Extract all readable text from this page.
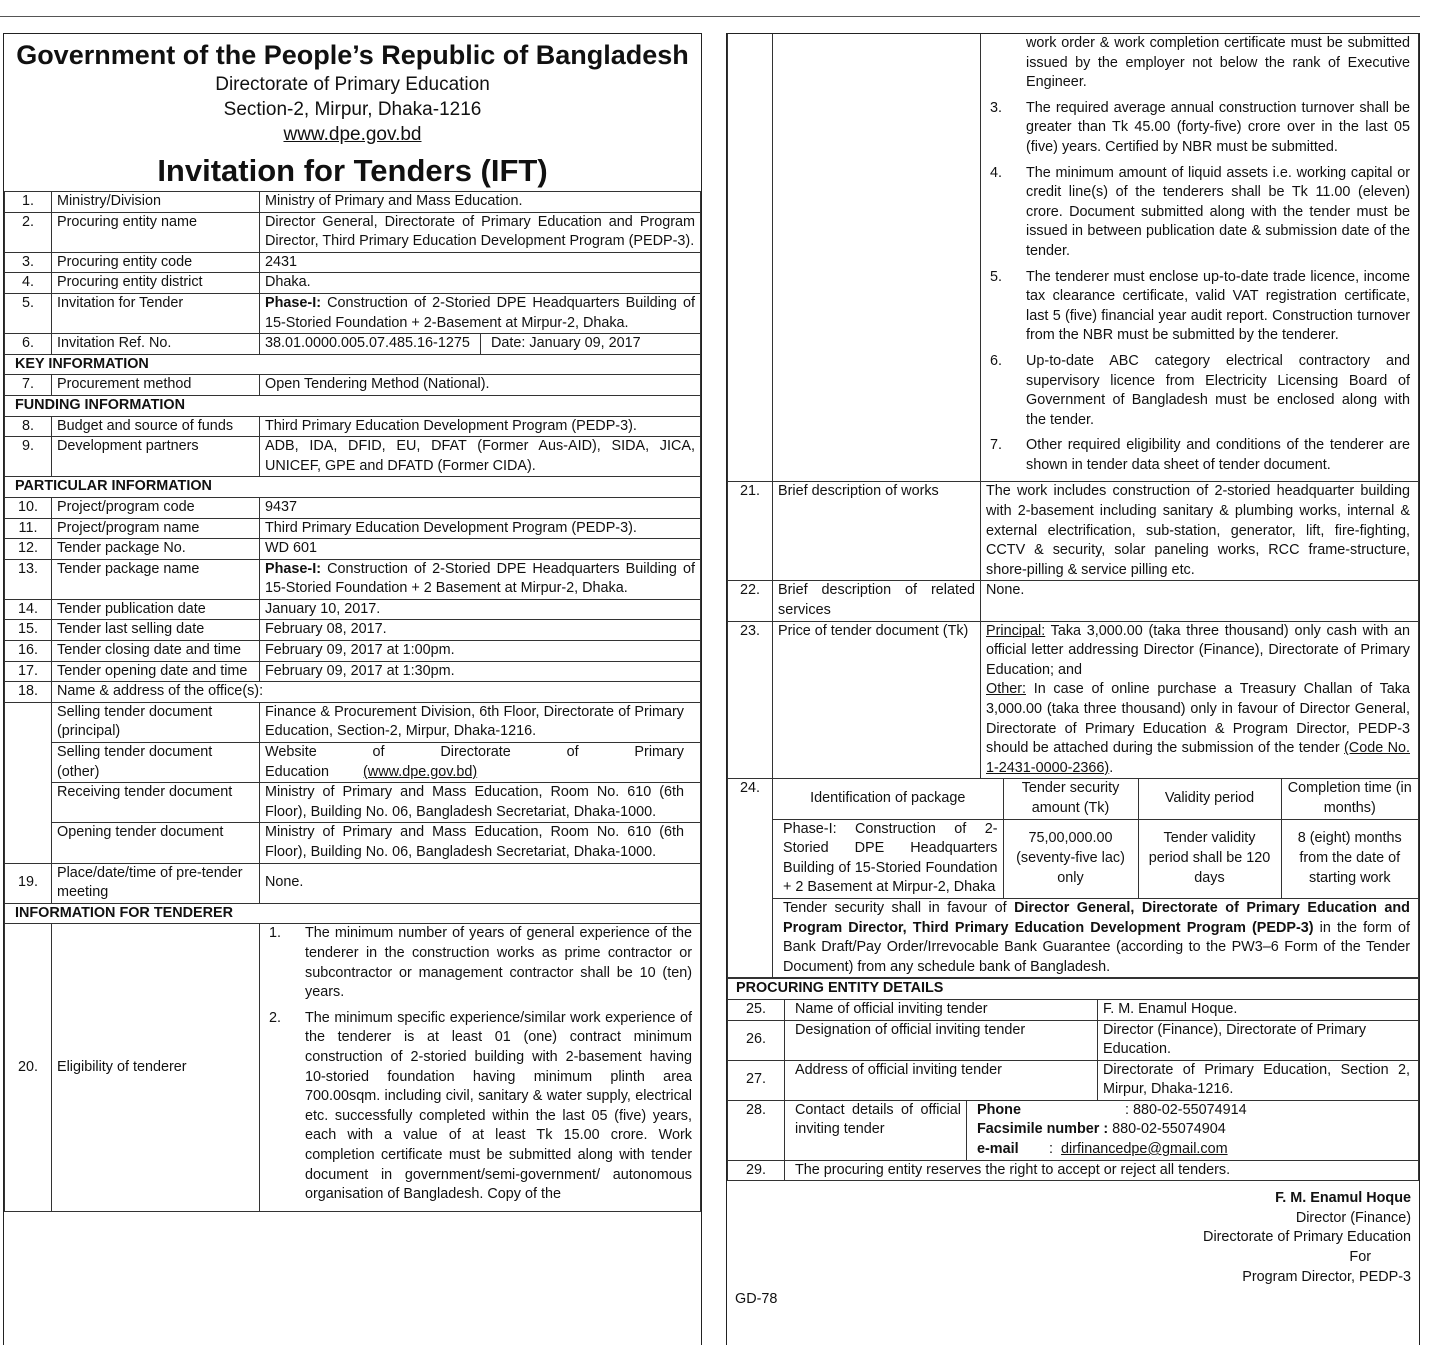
Government of the People’s Republic of Bangladesh
Directorate of Primary Education
Section-2, Mirpur, Dhaka-1216
www.dpe.gov.bd
Invitation for Tenders (IFT)
1.	Ministry/Division	Ministry of Primary and Mass Education.
2.	Procuring entity name	Director General, Directorate of Primary Education and Program Director, Third Primary Education Development Program (PEDP-3).
3.	Procuring entity code	2431
4.	Procuring entity district	Dhaka.
5.	Invitation for Tender	Phase-I: Construction of 2-Storied DPE Headquarters Building of 15-Storied Foundation + 2-Basement at Mirpur-2, Dhaka.
6.	Invitation Ref. No.		38.01.0000.005.07.485.16-1275	Date: January 09, 2017

KEY INFORMATION
7.	Procurement method	Open Tendering Method (National).
FUNDING INFORMATION
8.	Budget and source of funds	Third Primary Education Development Program (PEDP-3).
9.	Development partners	ADB, IDA, DFID, EU, DFAT (Former Aus-AID), SIDA, JICA, UNICEF, GPE and DFATD (Former CIDA).
PARTICULAR INFORMATION
10.	Project/program code	9437
11.	Project/program name	Third Primary Education Development Program (PEDP-3).
12.	Tender package No.	WD 601
13.	Tender package name	Phase-I: Construction of 2-Storied DPE Headquarters Building of 15-Storied Foundation + 2 Basement at Mirpur-2, Dhaka.
14.	Tender publication date	January 10, 2017.
15.	Tender last selling date	February 08, 2017.
16.	Tender closing date and time	February 09, 2017 at 1:00pm.
17.	Tender opening date and time	February 09, 2017 at 1:30pm.
18.	Name & address of the office(s):
	Selling tender document (principal)	Finance & Procurement Division, 6th Floor, Directorate of Primary Education, Section-2, Mirpur, Dhaka-1216.
	Selling tender document (other)	Website of Directorate of Primary Education (www.dpe.gov.bd)
	Receiving tender document	Ministry of Primary and Mass Education, Room No. 610 (6th Floor), Building No. 06, Bangladesh Secretariat, Dhaka-1000.
	Opening tender document	Ministry of Primary and Mass Education, Room No. 610 (6th Floor), Building No. 06, Bangladesh Secretariat, Dhaka-1000.
19.	Place/date/time of pre-tender meeting	None.
INFORMATION FOR TENDERER
20.	Eligibility of tenderer	
1.	The minimum number of years of general experience of the tenderer in the construction works as prime contractor or subcontractor or management contractor shall be 10 (ten) years.
2.	The minimum specific experience/similar work experience of the tenderer is at least 01 (one) contract minimum construction of 2-storied building with 2-basement having 10-storied foundation having minimum plinth area 700.00sqm. including civil, sanitary & water supply, electrical etc. successfully completed within the last 05 (five) years, each with a value of at least Tk 15.00 crore. Work completion certificate must be submitted along with tender document in government/semi-government/ autonomous organisation of Bangladesh. Copy of the

work order & work completion certificate must be submitted issued by the employer not below the rank of Executive Engineer.
3.	The required average annual construction turnover shall be greater than Tk 45.00 (forty-five) crore over in the last 05 (five) years. Certified by NBR must be submitted.
4.	The minimum amount of liquid assets i.e. working capital or credit line(s) of the tenderers shall be Tk 11.00 (eleven) crore. Document submitted along with the tender must be issued in between publication date & submission date of the tender.
5.	The tenderer must enclose up-to-date trade licence, income tax clearance certificate, valid VAT registration certificate, last 5 (five) financial year audit report. Construction turnover from the NBR must be submitted by the tenderer.
6.	Up-to-date ABC category electrical contractory and supervisory licence from Electricity Licensing Board of Government of Bangladesh must be enclosed along with the tender.
7.	Other required eligibility and conditions of the tenderer are shown in tender data sheet of tender document.

21.	Brief description of works	The work includes construction of 2-storied headquarter building with 2-basement including sanitary & plumbing works, internal & external electrification, sub-station, generator, lift, fire-fighting, CCTV & security, solar paneling works, RCC frame-structure, shore-pilling & service pilling etc.
22.	Brief description of related services	None.
23.	Price of tender document (Tk)	Principal: Taka 3,000.00 (taka three thousand) only cash with an official letter addressing Director (Finance), Directorate of Primary Education; and
Other: In case of online purchase a Treasury Challan of Taka 3,000.00 (taka three thousand) only in favour of Director General, Directorate of Primary Education & Program Director, PEDP-3 should be attached during the submission of the tender (Code No. 1-2431-0000-2366).
24.	
Identification of package	Tender security amount (Tk)	Validity period	Completion time (in months)
Phase-I: Construction of 2-Storied DPE Headquarters Building of 15-Storied Foundation + 2 Basement at Mirpur-2, Dhaka	75,00,000.00 (seventy-five lac) only	Tender validity period shall be 120 days	8 (eight) months from the date of starting work
Tender security shall in favour of Director General, Directorate of Primary Education and Program Director, Third Primary Education Development Program (PEDP-3) in the form of Bank Draft/Pay Order/Irrevocable Bank Guarantee (according to the PW3–6 Form of the Tender Document) from any schedule bank of Bangladesh.
PROCURING ENTITY DETAILS			
25.	Name of official inviting tender		F. M. Enamul Hoque.
26.	Designation of official inviting tender		Director (Finance), Directorate of Primary Education.
27.	Address of official inviting tender		Directorate of Primary Education, Section 2, Mirpur, Dhaka-1216.
28.	Contact details of official inviting tender	Phone : 880-02-55074914
Facsimile number : 880-02-55074904
e-mail   :  dirfinancedpe@gmail.com	

29.	The procuring entity reserves the right to accept or reject all tenders.		
F. M. Enamul Hoque
Director (Finance)
Directorate of Primary Education
For
Program Director, PEDP-3
GD-78
